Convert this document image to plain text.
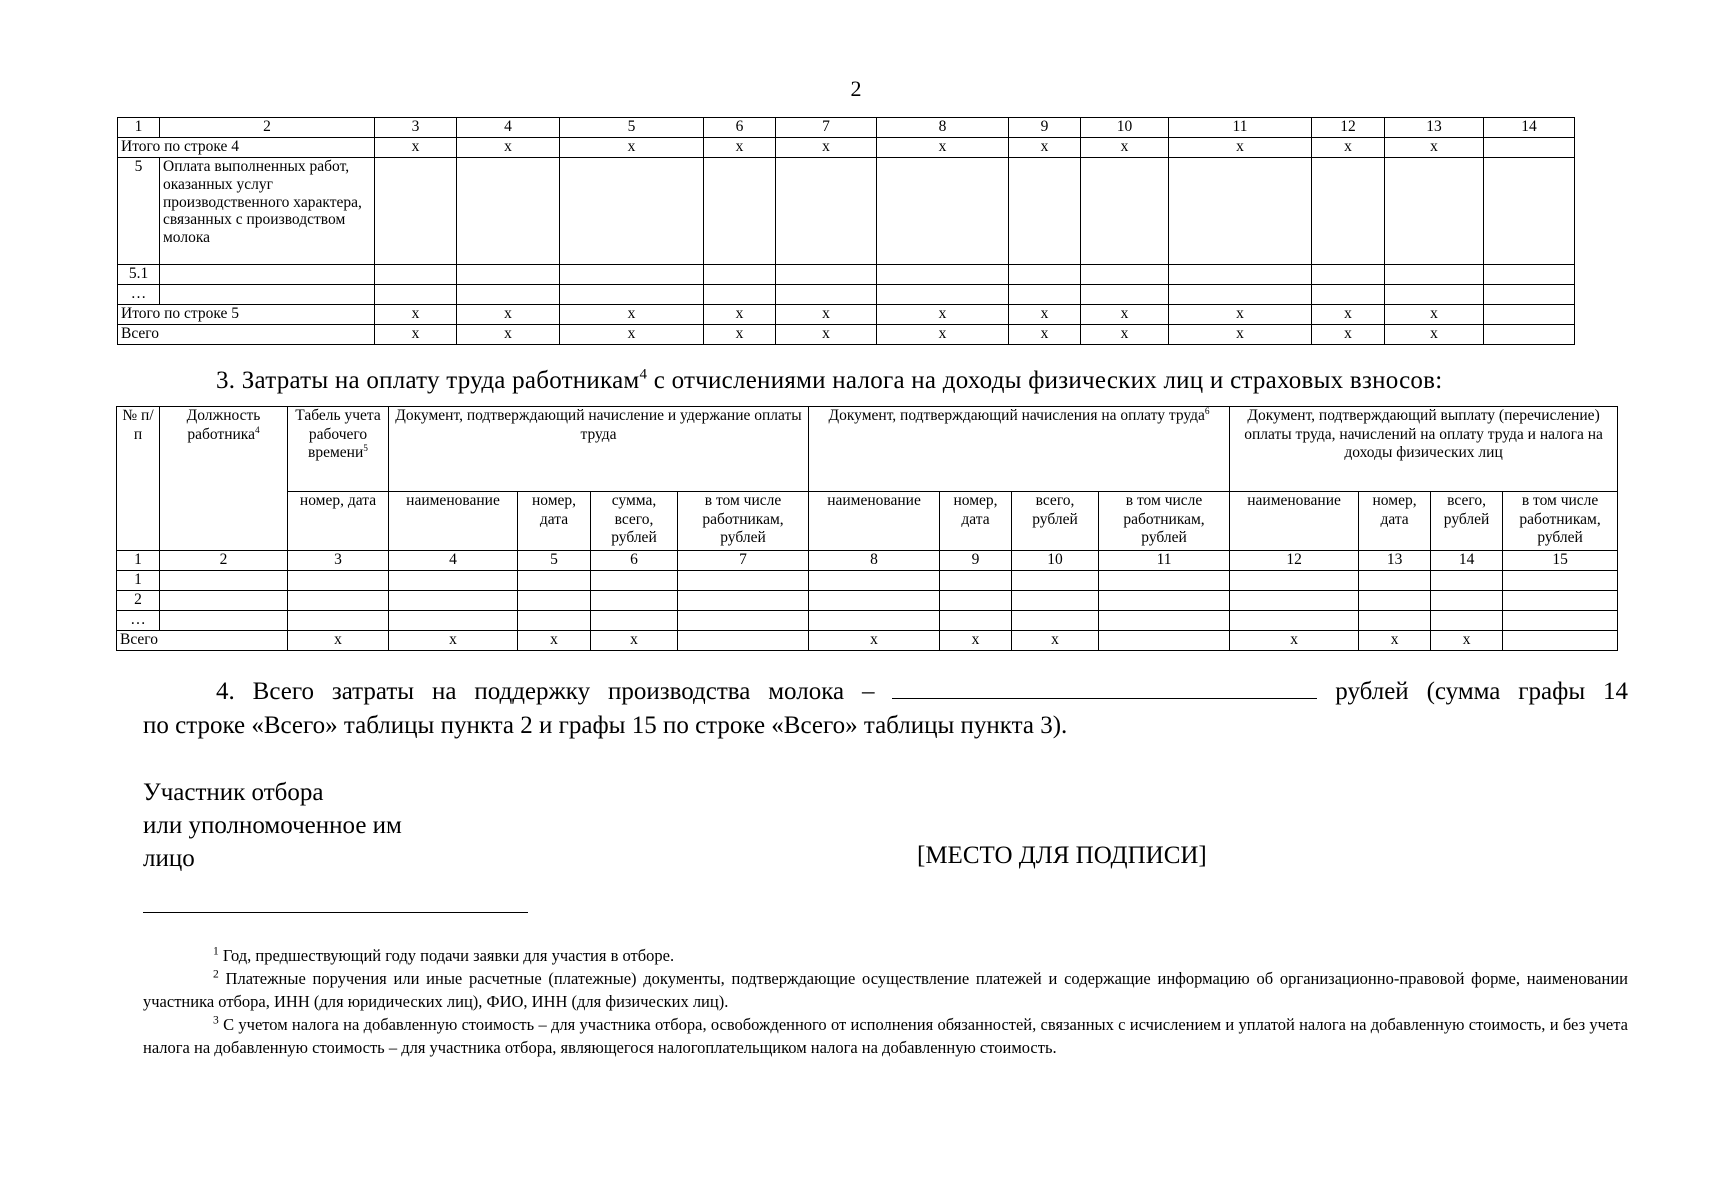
2
1	2	3	4	5	6	7	8	9	10	11	12	13	14
Итого по строке 4		х	х	х	х	х	х	х	х	х	х	х	
5	Оплата выполненных работ, оказанных услуг производственного характера, связанных с производством молока												
5.1													
…													
Итого по строке 5		х	х	х	х	х	х	х	х	х	х	х	
Всего		х	х	х	х	х	х	х	х	х	х	х	
3. Затраты на оплату труда работникам$^4$ с отчислениями налога на доходы физических лиц и страховых взносов:
№ п/п	Должность работника$^4$	Табель учета рабочего времени$^5$	Документ, подтверждающий начисление и удержание оплаты труда				Документ, подтверждающий начисления на оплату труда$^6$				Документ, подтверждающий выплату (перечисление) оплаты труда, начислений на оплату труда и налога на доходы физических лиц			
		номер, дата	наименование	номер, дата	сумма, всего, рублей	в том числе работникам, рублей	наименование	номер, дата	всего, рублей	в том числе работникам, рублей	наименование	номер, дата	всего, рублей	в том числе работникам, рублей
1	2	3	4	5	6	7	8	9	10	11	12	13	14	15
1														
2														
…														
Всего		х	х	х	х		х	х	х		х	х	х	
4. Всего затраты на поддержку производства молока –	рублей (сумма графы 14
по строке «Всего» таблицы пункта 2 и графы 15 по строке «Всего» таблицы пункта 3).
Участник отбора
или уполномоченное им
лицо	[МЕСТО ДЛЯ ПОДПИСИ]

$^1$ Год, предшествующий году подачи заявки для участия в отборе.

$^2$ Платежные поручения или иные расчетные (платежные) документы, подтверждающие осуществление платежей и содержащие информацию об организационно-правовой форме, наименовании участника отбора, ИНН (для юридических лиц), ФИО, ИНН (для физических лиц).

$^3$ С учетом налога на добавленную стоимость – для участника отбора, освобожденного от исполнения обязанностей, связанных с исчислением и уплатой налога на добавленную стоимость, и без учета налога на добавленную стоимость – для участника отбора, являющегося налогоплательщиком налога на добавленную стоимость.
